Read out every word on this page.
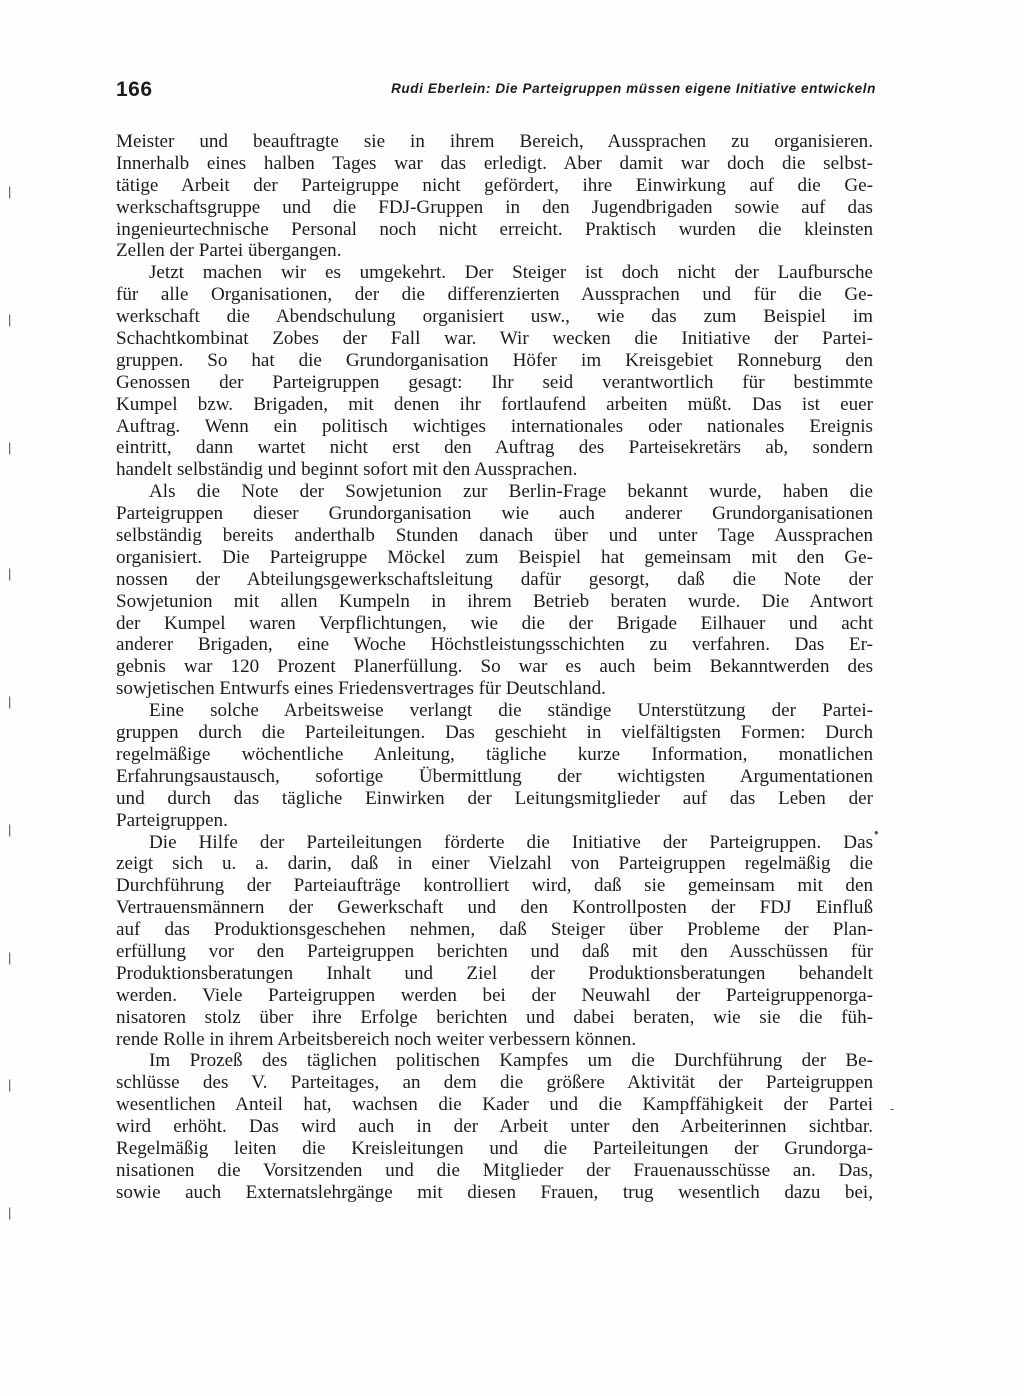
166	Rudi Eberlein: Die Parteigruppen müssen eigene Initiative entwickeln
Meister und beauftragte sie in ihrem Bereich, Aussprachen zu organisieren.
Innerhalb eines halben Tages war das erledigt. Aber damit war doch die selbst-
tätige Arbeit der Parteigruppe nicht gefördert, ihre Einwirkung auf die Ge-
werkschaftsgruppe und die FDJ-Gruppen in den Jugendbrigaden sowie auf das
ingenieurtechnische Personal noch nicht erreicht. Praktisch wurden die kleinsten
Zellen der Partei übergangen.
Jetzt machen wir es umgekehrt. Der Steiger ist doch nicht der Laufbursche
für alle Organisationen, der die differenzierten Aussprachen und für die Ge-
werkschaft die Abendschulung organisiert usw., wie das zum Beispiel im
Schachtkombinat Zobes der Fall war. Wir wecken die Initiative der Partei-
gruppen. So hat die Grundorganisation Höfer im Kreisgebiet Ronneburg den
Genossen der Parteigruppen gesagt: Ihr seid verantwortlich für bestimmte
Kumpel bzw. Brigaden, mit denen ihr fortlaufend arbeiten müßt. Das ist euer
Auftrag. Wenn ein politisch wichtiges internationales oder nationales Ereignis
eintritt, dann wartet nicht erst den Auftrag des Parteisekretärs ab, sondern
handelt selbständig und beginnt sofort mit den Aussprachen.
Als die Note der Sowjetunion zur Berlin-Frage bekannt wurde, haben die
Parteigruppen dieser Grundorganisation wie auch anderer Grundorganisationen
selbständig bereits anderthalb Stunden danach über und unter Tage Aussprachen
organisiert. Die Parteigruppe Möckel zum Beispiel hat gemeinsam mit den Ge-
nossen der Abteilungsgewerkschaftsleitung dafür gesorgt, daß die Note der
Sowjetunion mit allen Kumpeln in ihrem Betrieb beraten wurde. Die Antwort
der Kumpel waren Verpflichtungen, wie die der Brigade Eilhauer und acht
anderer Brigaden, eine Woche Höchstleistungsschichten zu verfahren. Das Er-
gebnis war 120 Prozent Planerfüllung. So war es auch beim Bekanntwerden des
sowjetischen Entwurfs eines Friedensvertrages für Deutschland.
Eine solche Arbeitsweise verlangt die ständige Unterstützung der Partei-
gruppen durch die Parteileitungen. Das geschieht in vielfältigsten Formen: Durch
regelmäßige wöchentliche Anleitung, tägliche kurze Information, monatlichen
Erfahrungsaustausch, sofortige Übermittlung der wichtigsten Argumentationen
und durch das tägliche Einwirken der Leitungsmitglieder auf das Leben der
Parteigruppen.
Die Hilfe der Parteileitungen förderte die Initiative der Parteigruppen. Das
zeigt sich u. a. darin, daß in einer Vielzahl von Parteigruppen regelmäßig die
Durchführung der Parteiaufträge kontrolliert wird, daß sie gemeinsam mit den
Vertrauensmännern der Gewerkschaft und den Kontrollposten der FDJ Einfluß
auf das Produktionsgeschehen nehmen, daß Steiger über Probleme der Plan-
erfüllung vor den Parteigruppen berichten und daß mit den Ausschüssen für
Produktionsberatungen Inhalt und Ziel der Produktionsberatungen behandelt
werden. Viele Parteigruppen werden bei der Neuwahl der Parteigruppenorga-
nisatoren stolz über ihre Erfolge berichten und dabei beraten, wie sie die füh-
rende Rolle in ihrem Arbeitsbereich noch weiter verbessern können.
Im Prozeß des täglichen politischen Kampfes um die Durchführung der Be-
schlüsse des V. Parteitages, an dem die größere Aktivität der Parteigruppen
wesentlichen Anteil hat, wachsen die Kader und die Kampffähigkeit der Partei
wird erhöht. Das wird auch in der Arbeit unter den Arbeiterinnen sichtbar.
Regelmäßig leiten die Kreisleitungen und die Parteileitungen der Grundorga-
nisationen die Vorsitzenden und die Mitglieder der Frauenausschüsse an. Das,
sowie auch Externatslehrgänge mit diesen Frauen, trug wesentlich dazu bei,
|
|
|
|
|
|
|
|
|
-
•
